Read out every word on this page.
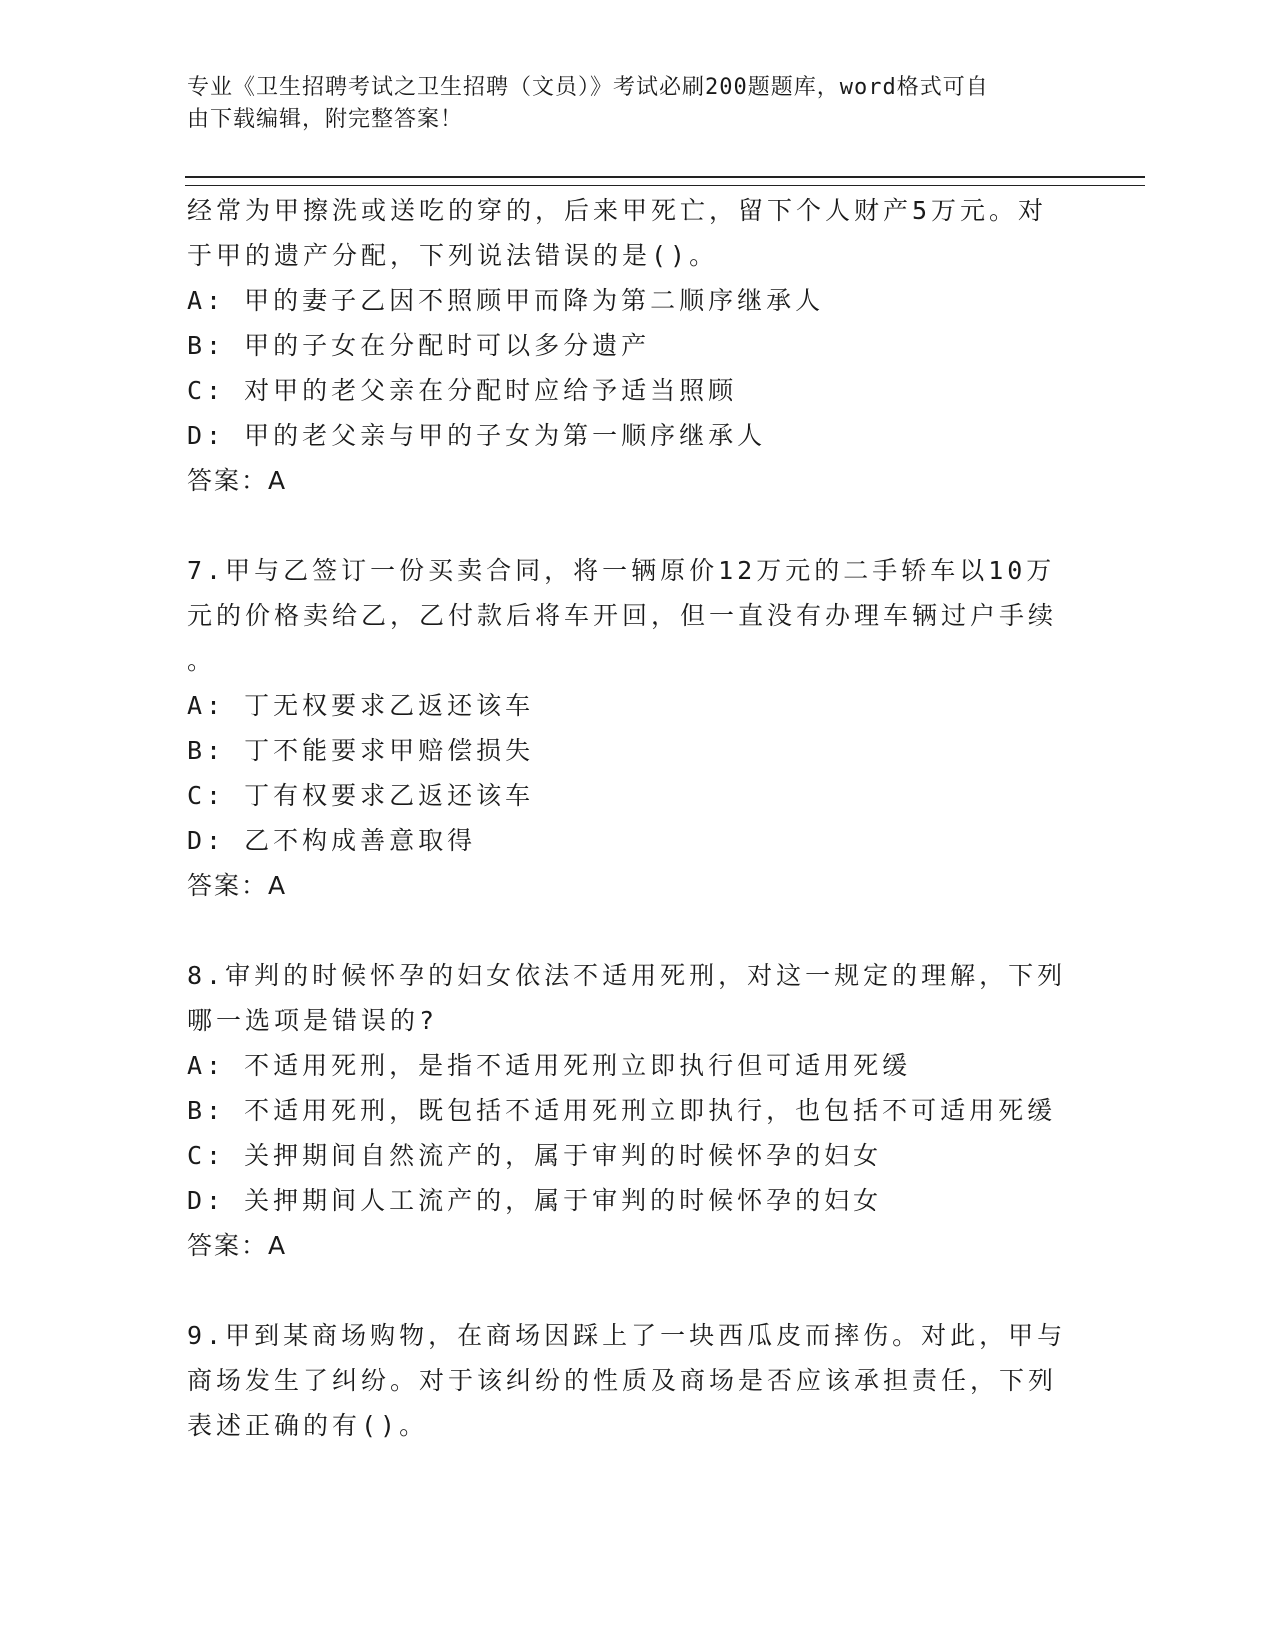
专业《卫生招聘考试之卫生招聘（文员）》考试必刷200题题库，word格式可自
由下载编辑，附完整答案！
经常为甲擦洗或送吃的穿的，后来甲死亡，留下个人财产5万元。对
于甲的遗产分配，下列说法错误的是()。
A: 甲的妻子乙因不照顾甲而降为第二顺序继承人
B: 甲的子女在分配时可以多分遗产
C: 对甲的老父亲在分配时应给予适当照顾
D: 甲的老父亲与甲的子女为第一顺序继承人
答案：A
7.甲与乙签订一份买卖合同，将一辆原价12万元的二手轿车以10万
元的价格卖给乙，乙付款后将车开回，但一直没有办理车辆过户手续
。
A: 丁无权要求乙返还该车
B: 丁不能要求甲赔偿损失
C: 丁有权要求乙返还该车
D: 乙不构成善意取得
答案：A
8.审判的时候怀孕的妇女依法不适用死刑，对这一规定的理解，下列
哪一选项是错误的?
A: 不适用死刑，是指不适用死刑立即执行但可适用死缓
B: 不适用死刑，既包括不适用死刑立即执行，也包括不可适用死缓
C: 关押期间自然流产的，属于审判的时候怀孕的妇女
D: 关押期间人工流产的，属于审判的时候怀孕的妇女
答案：A
9.甲到某商场购物，在商场因踩上了一块西瓜皮而摔伤。对此，甲与
商场发生了纠纷。对于该纠纷的性质及商场是否应该承担责任，下列
表述正确的有()。
